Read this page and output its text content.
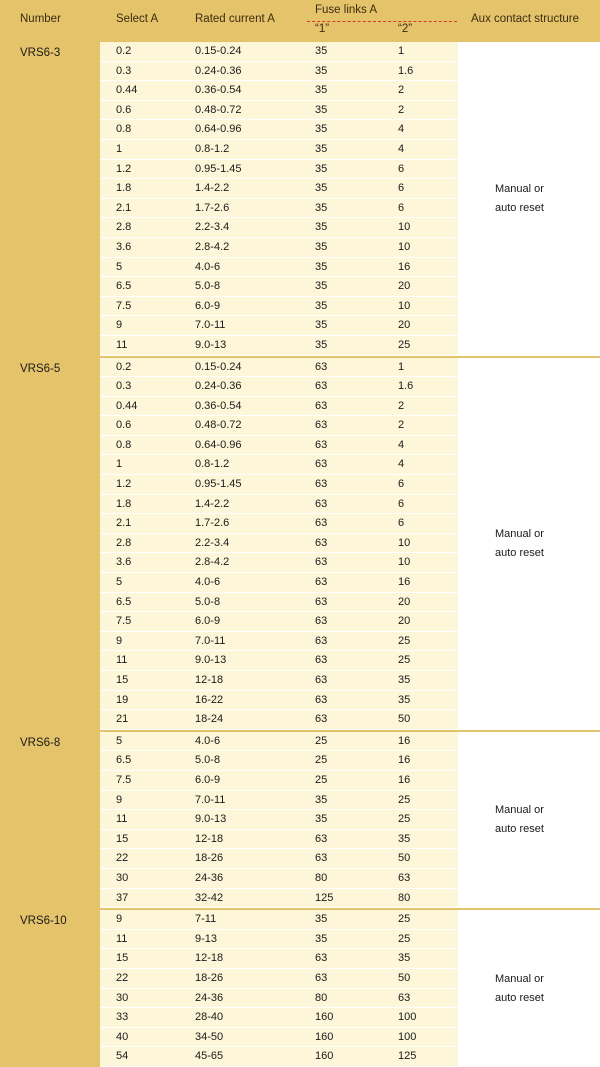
Number	Select A	Rated current A
Fuse links A
“1”	“2”
Aux contact structure
VRS6-3	0.2	0.15-0.24	35	1
0.3	0.24-0.36	35	1.6
0.44	0.36-0.54	35	2
0.6	0.48-0.72	35	2
0.8	0.64-0.96	35	4
1	0.8-1.2	35	4
1.2	0.95-1.45	35	6
1.8	1.4-2.2	35	6
2.1	1.7-2.6	35	6
2.8	2.2-3.4	35	10
3.6	2.8-4.2	35	10
5	4.0-6	35	16
6.5	5.0-8	35	20
7.5	6.0-9	35	10
9	7.0-11	35	20
11	9.0-13	35	25
Manual or
auto reset
VRS6-5	0.2	0.15-0.24	63	1
0.3	0.24-0.36	63	1.6
0.44	0.36-0.54	63	2
0.6	0.48-0.72	63	2
0.8	0.64-0.96	63	4
1	0.8-1.2	63	4
1.2	0.95-1.45	63	6
1.8	1.4-2.2	63	6
2.1	1.7-2.6	63	6
2.8	2.2-3.4	63	10
3.6	2.8-4.2	63	10
5	4.0-6	63	16
6.5	5.0-8	63	20
7.5	6.0-9	63	20
9	7.0-11	63	25
11	9.0-13	63	25
15	12-18	63	35
19	16-22	63	35
21	18-24	63	50
Manual or
auto reset
VRS6-8	5	4.0-6	25	16
6.5	5.0-8	25	16
7.5	6.0-9	25	16
9	7.0-11	35	25
11	9.0-13	35	25
15	12-18	63	35
22	18-26	63	50
30	24-36	80	63
37	32-42	125	80
Manual or
auto reset
VRS6-10	9	7-11	35	25
11	9-13	35	25
15	12-18	63	35
22	18-26	63	50
30	24-36	80	63
33	28-40	160	100
40	34-50	160	100
54	45-65	160	125
Manual or
auto reset
